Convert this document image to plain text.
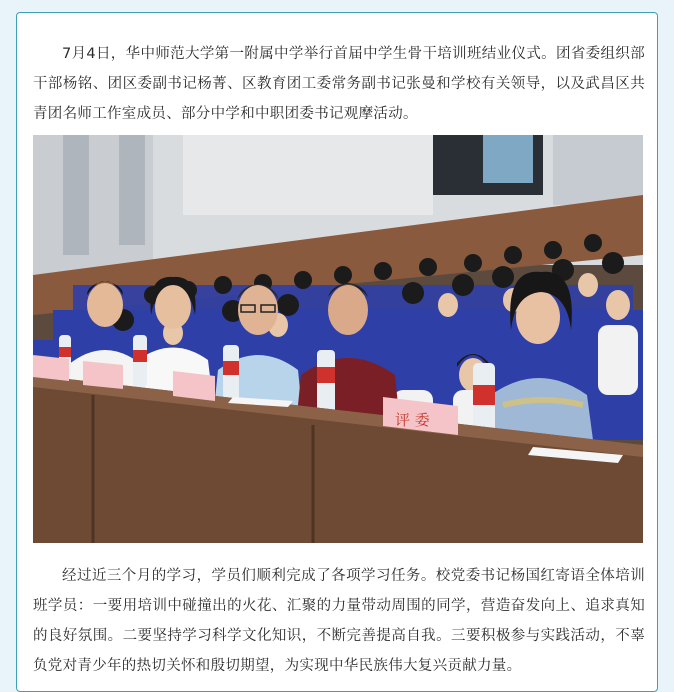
7月4日，华中师范大学第一附属中学举行首届中学生骨干培训班结业仪式。团省委组织部干部杨铭、团区委副书记杨菁、区教育团工委常务副书记张曼和学校有关领导，以及武昌区共青团名师工作室成员、部分中学和中职团委书记观摩活动。

评 委

经过近三个月的学习，学员们顺利完成了各项学习任务。校党委书记杨国红寄语全体培训班学员：一要用培训中碰撞出的火花、汇聚的力量带动周围的同学，营造奋发向上、追求真知的良好氛围。二要坚持学习科学文化知识，不断完善提高自我。三要积极参与实践活动，不辜负党对青少年的热切关怀和殷切期望，为实现中华民族伟大复兴贡献力量。
